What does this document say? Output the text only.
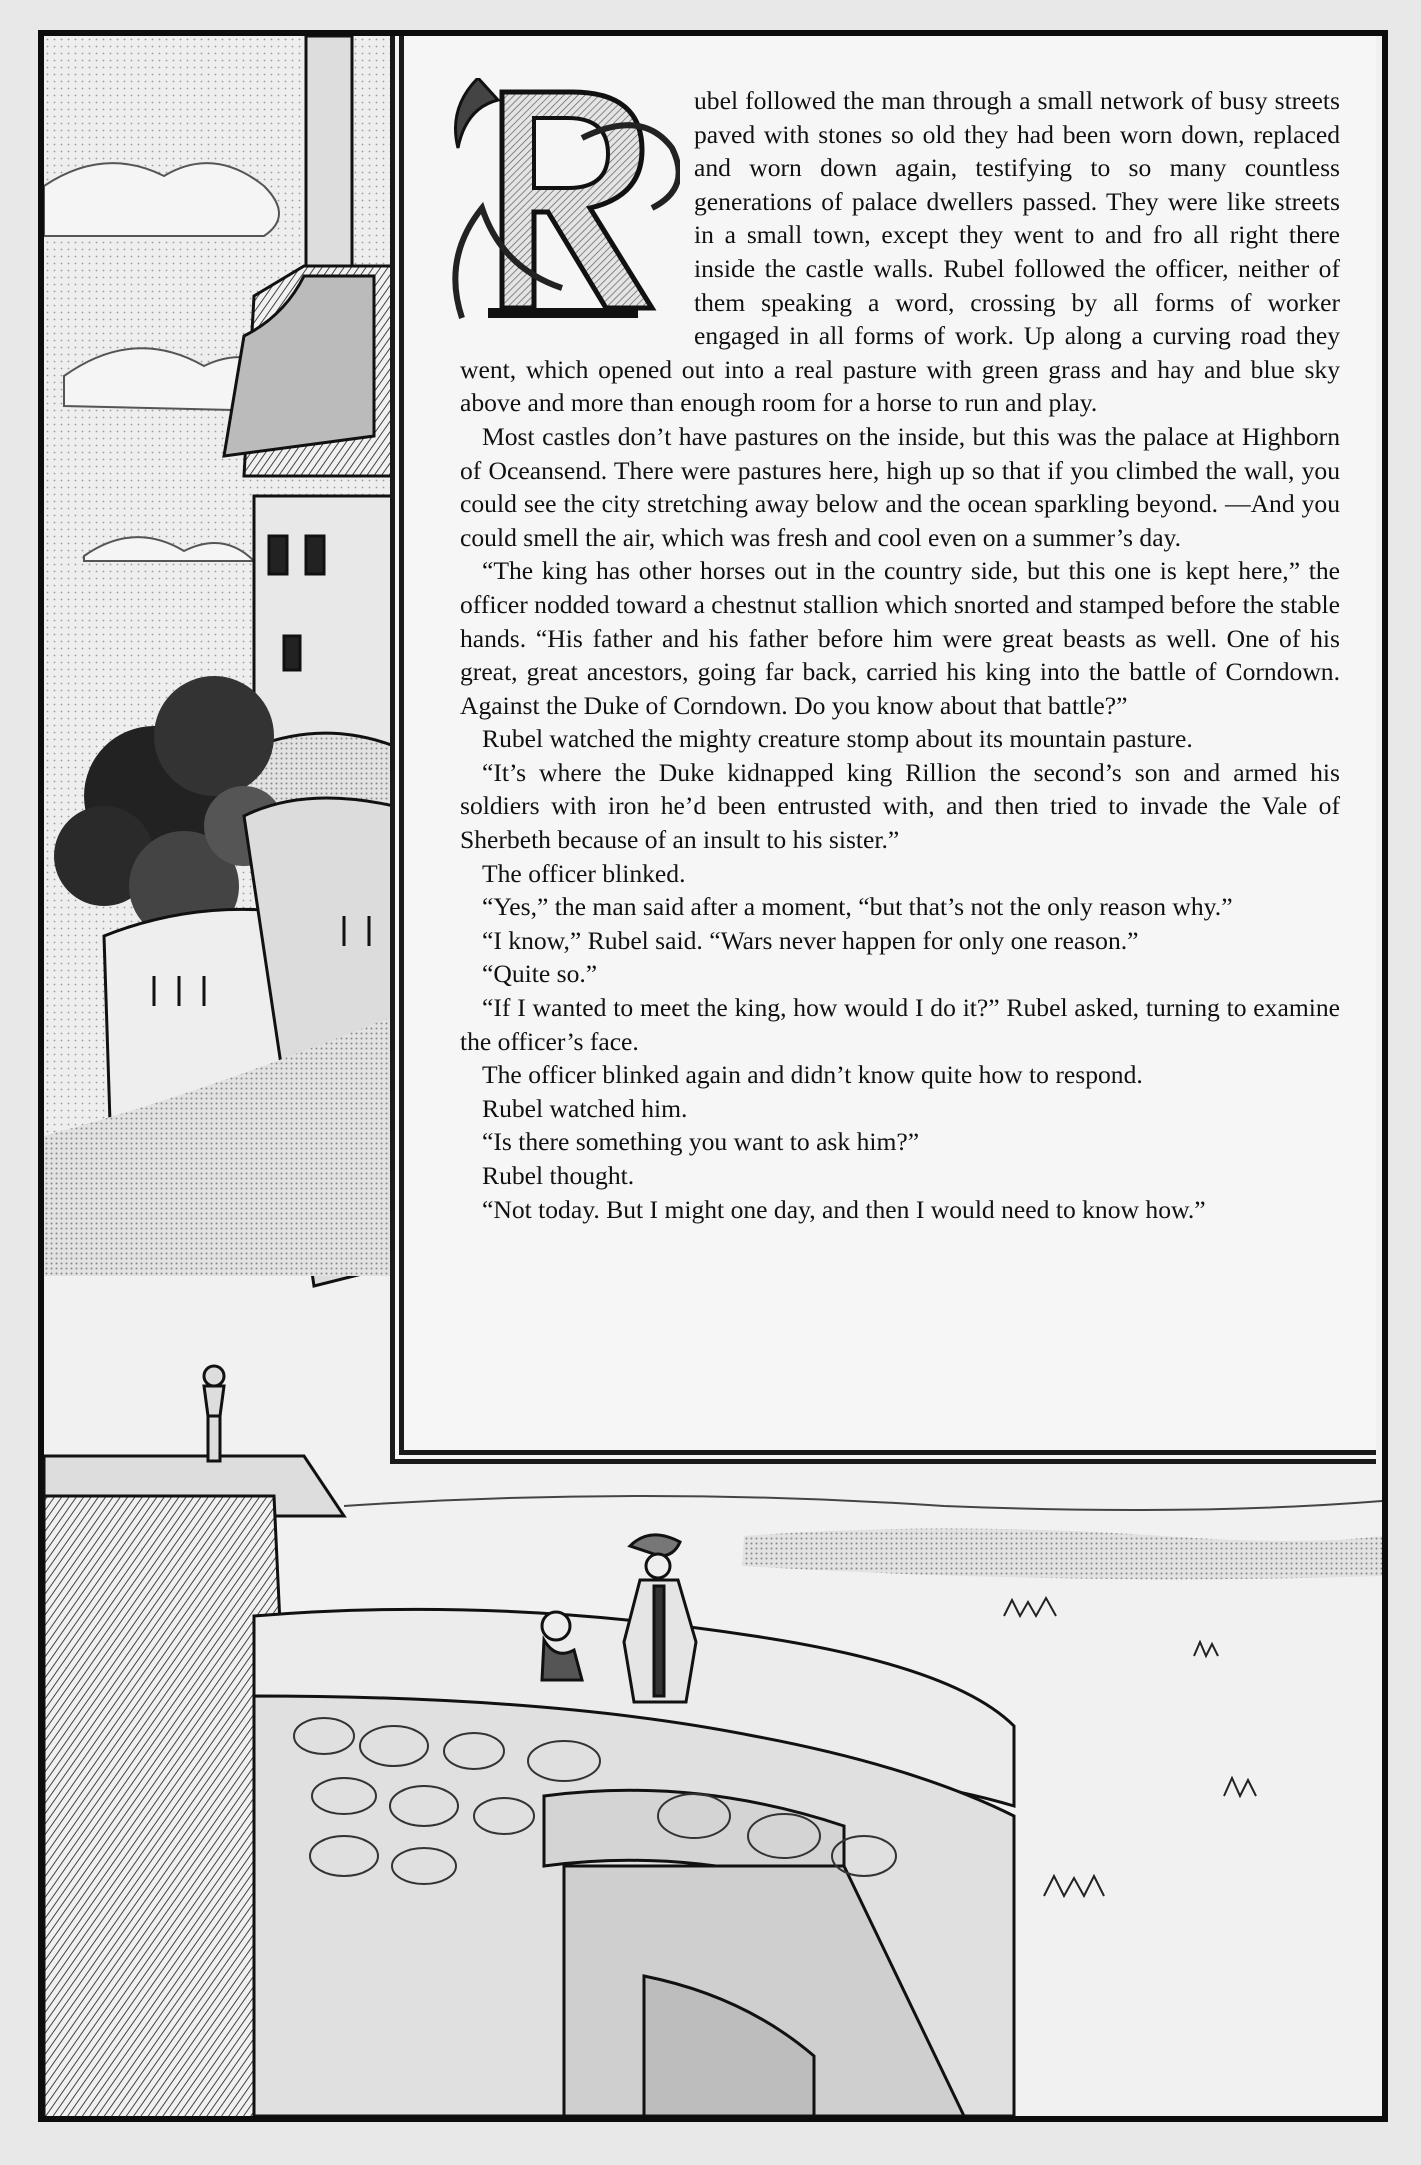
R

ubel followed the man through a small network of busy streets paved with stones so old they had been worn down, replaced and worn down again, testifying to so many countless generations of palace dwellers passed. They were like streets in a small town, except they went to and fro all right there inside the castle walls. Rubel followed the officer, neither of them speaking a word, crossing by all forms of worker engaged in all forms of work. Up along a curving road they went, which opened out into a real pasture with green grass and hay and blue sky above and more than enough room for a horse to run and play.

Most castles don’t have pastures on the inside, but this was the palace at Highborn of Oceansend. There were pastures here, high up so that if you climbed the wall, you could see the city stretching away below and the ocean sparkling beyond. —And you could smell the air, which was fresh and cool even on a summer’s day.

“The king has other horses out in the country side, but this one is kept here,” the officer nodded toward a chestnut stallion which snorted and stamped before the stable hands. “His father and his father before him were great beasts as well. One of his great, great ancestors, going far back, carried his king into the battle of Corndown. Against the Duke of Corndown. Do you know about that battle?”

Rubel watched the mighty creature stomp about its mountain pasture.

“It’s where the Duke kidnapped king Rillion the second’s son and armed his soldiers with iron he’d been entrusted with, and then tried to invade the Vale of Sherbeth because of an insult to his sister.”

The officer blinked.

“Yes,” the man said after a moment, “but that’s not the only reason why.”

“I know,” Rubel said. “Wars never happen for only one reason.”

“Quite so.”

“If I wanted to meet the king, how would I do it?” Rubel asked, turning to examine the officer’s face.

The officer blinked again and didn’t know quite how to respond.

Rubel watched him.

“Is there something you want to ask him?”

Rubel thought.

“Not today. But I might one day, and then I would need to know how.”
